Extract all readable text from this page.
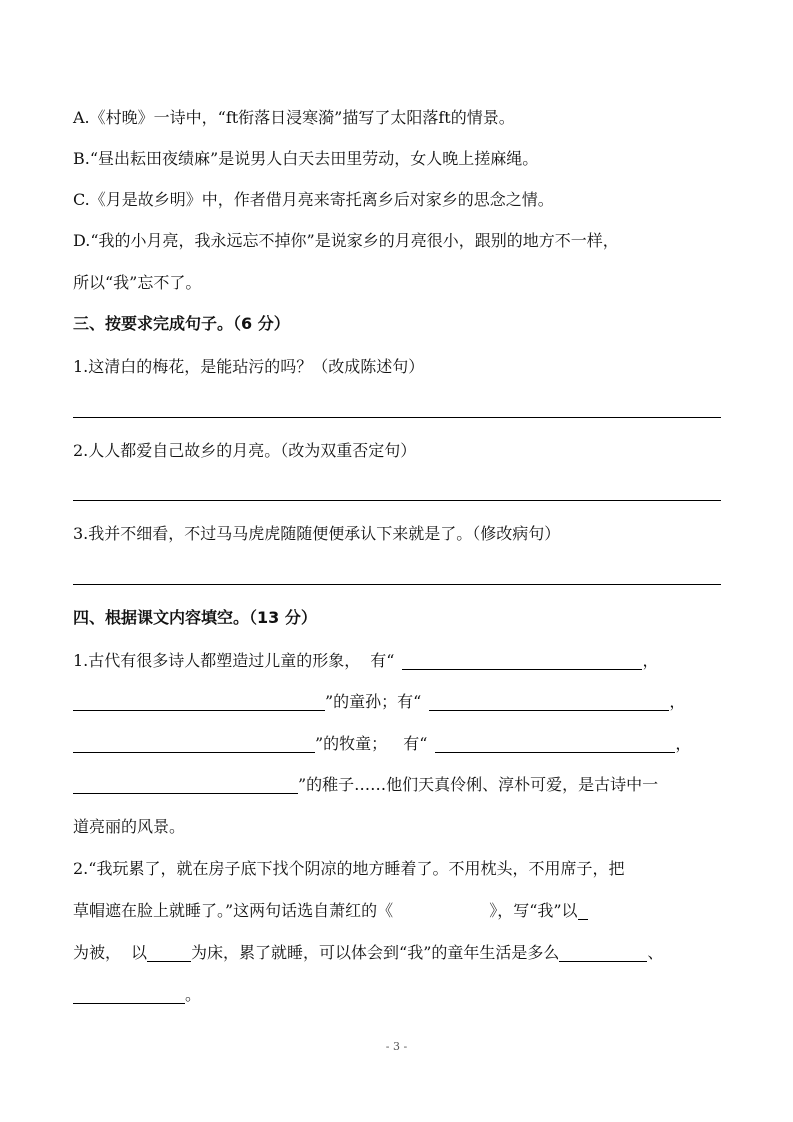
A.《村晚》一诗中，“ft衔落日浸寒漪”描写了太阳落ft的情景。
B.“昼出耘田夜绩麻”是说男人白天去田里劳动，女人晚上搓麻绳。
C.《月是故乡明》中，作者借月亮来寄托离乡后对家乡的思念之情。
D.“我的小月亮，我永远忘不掉你”是说家乡的月亮很小，跟别的地方不一样，
所以“我”忘不了。
三、按要求完成句子。（6 分）
1.这清白的梅花，是能玷污的吗？（改成陈述句）
2.人人都爱自己故乡的月亮。（改为双重否定句）
3.我并不细看，不过马马虎虎随随便便承认下来就是了。（修改病句）
四、根据课文内容填空。（13 分）
1.古代有很多诗人都塑造过儿童的形象， 有“	，
”的童孙；有“	，
”的牧童； 有“	，
”的稚子……他们天真伶俐、淳朴可爱，是古诗中一
道亮丽的风景。
2.“我玩累了，就在房子底下找个阴凉的地方睡着了。不用枕头，不用席子，把
草帽遮在脸上就睡了。”这两句话选自萧红的《	》，写“我”以
为被， 以	为床，累了就睡，可以体会到“我”的童年生活是多么	、
。
- 3 -
